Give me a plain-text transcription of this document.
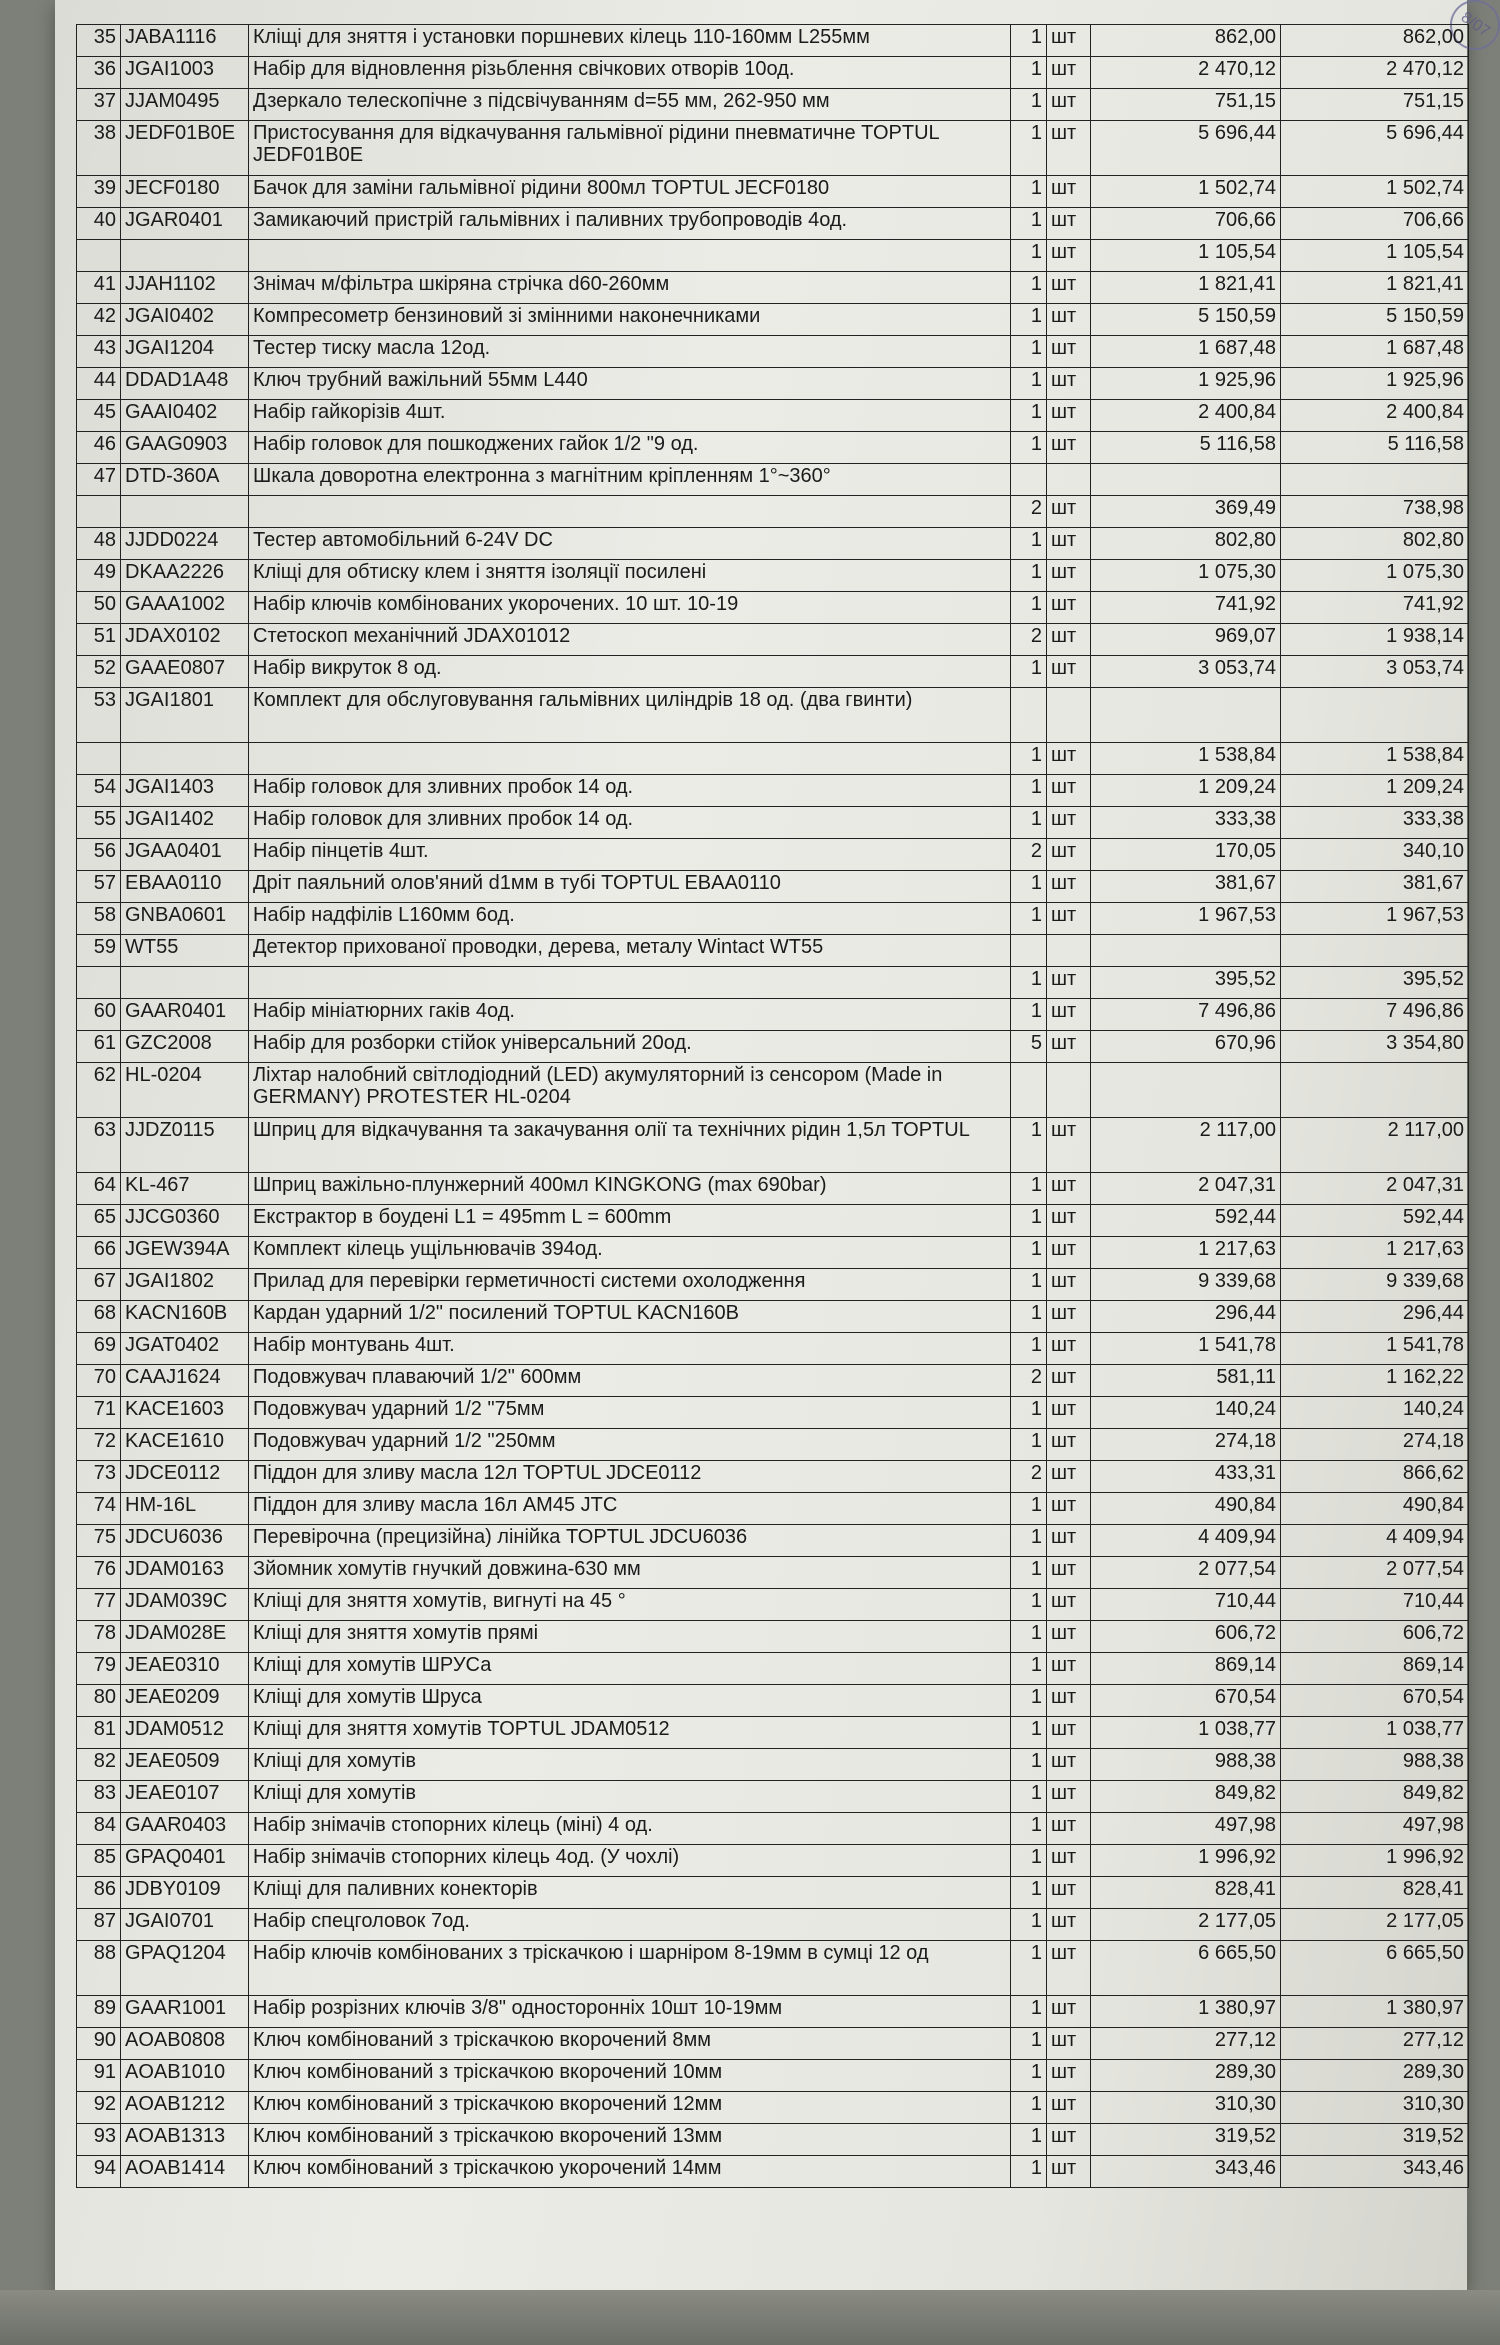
8/07
35	JABA1116	Кліщі для зняття і установки поршневих кілець 110-160мм L255мм	1	шт	862,00	862,00
36	JGAI1003	Набір для відновлення різьблення свічкових отворів 10од.	1	шт	2 470,12	2 470,12
37	JJAM0495	Дзеркало телескопічне з підсвічуванням d=55 мм, 262-950 мм	1	шт	751,15	751,15
38	JEDF01B0E	Пристосування для відкачування гальмівної рідини пневматичне TOPTUL JEDF01B0E	1	шт	5 696,44	5 696,44
39	JECF0180	Бачок для заміни гальмівної рідини 800мл TOPTUL JECF0180	1	шт	1 502,74	1 502,74
40	JGAR0401	Замикаючий пристрій гальмівних і паливних трубопроводів 4од.	1	шт	706,66	706,66
			1	шт	1 105,54	1 105,54
41	JJAH1102	Знімач м/фільтра шкіряна стрічка d60-260мм	1	шт	1 821,41	1 821,41
42	JGAI0402	Компресометр бензиновий зі змінними наконечниками	1	шт	5 150,59	5 150,59
43	JGAI1204	Тестер тиску масла 12од.	1	шт	1 687,48	1 687,48
44	DDAD1A48	Ключ трубний важільний 55мм L440	1	шт	1 925,96	1 925,96
45	GAAI0402	Набір гайкорізів 4шт.	1	шт	2 400,84	2 400,84
46	GAAG0903	Набір головок для пошкоджених гайок 1/2 "9 од.	1	шт	5 116,58	5 116,58
47	DTD-360A	Шкала доворотна електронна з магнітним кріпленням 1°~360°				
			2	шт	369,49	738,98
48	JJDD0224	Тестер автомобільний 6-24V DC	1	шт	802,80	802,80
49	DKAA2226	Кліщі для обтиску клем і зняття ізоляції посилені	1	шт	1 075,30	1 075,30
50	GAAA1002	Набір ключів комбінованих укорочених. 10 шт. 10-19	1	шт	741,92	741,92
51	JDAX0102	Стетоскоп механічний JDAX01012	2	шт	969,07	1 938,14
52	GAAE0807	Набір викруток 8 од.	1	шт	3 053,74	3 053,74
53	JGAI1801	Комплект для обслуговування гальмівних циліндрів 18 од. (два гвинти)				
			1	шт	1 538,84	1 538,84
54	JGAI1403	Набір головок для зливних пробок 14 од.	1	шт	1 209,24	1 209,24
55	JGAI1402	Набір головок для зливних пробок 14 од.	1	шт	333,38	333,38
56	JGAA0401	Набір пінцетів 4шт.	2	шт	170,05	340,10
57	EBAA0110	Дріт паяльний олов'яний d1мм в тубі TOPTUL EBAA0110	1	шт	381,67	381,67
58	GNBA0601	Набір надфілів L160мм 6од.	1	шт	1 967,53	1 967,53
59	WT55	Детектор прихованої проводки, дерева, металу Wintact WT55				
			1	шт	395,52	395,52
60	GAAR0401	Набір мініатюрних гаків 4од.	1	шт	7 496,86	7 496,86
61	GZC2008	Набір для розборки стійок універсальний 20од.	5	шт	670,96	3 354,80
62	HL-0204	Ліхтар налобний світлодіодний (LED) акумуляторний із сенсором (Made in GERMANY) PROTESTER HL-0204				
63	JJDZ0115	Шприц для відкачування та закачування олії та технічних рідин 1,5л TOPTUL	1	шт	2 117,00	2 117,00
64	KL-467	Шприц важільно-плунжерний 400мл KINGKONG (max 690bar)	1	шт	2 047,31	2 047,31
65	JJCG0360	Екстрактор в боудені L1 = 495mm L = 600mm	1	шт	592,44	592,44
66	JGEW394A	Комплект кілець ущільнювачів 394од.	1	шт	1 217,63	1 217,63
67	JGAI1802	Прилад для перевірки герметичності системи охолодження	1	шт	9 339,68	9 339,68
68	KACN160B	Кардан ударний 1/2" посилений TOPTUL KACN160B	1	шт	296,44	296,44
69	JGAT0402	Набір монтувань 4шт.	1	шт	1 541,78	1 541,78
70	CAAJ1624	Подовжувач плаваючий 1/2" 600мм	2	шт	581,11	1 162,22
71	KACE1603	Подовжувач ударний 1/2 "75мм	1	шт	140,24	140,24
72	KACE1610	Подовжувач ударний 1/2 "250мм	1	шт	274,18	274,18
73	JDCE0112	Піддон для зливу масла 12л TOPTUL JDCE0112	2	шт	433,31	866,62
74	HM-16L	Піддон для зливу масла 16л AM45 JTC	1	шт	490,84	490,84
75	JDCU6036	Перевірочна (прецизійна) лінійка TOPTUL JDCU6036	1	шт	4 409,94	4 409,94
76	JDAM0163	Зйомник хомутів гнучкий довжина-630 мм	1	шт	2 077,54	2 077,54
77	JDAM039C	Кліщі для зняття хомутів, вигнуті на 45 °	1	шт	710,44	710,44
78	JDAM028E	Кліщі для зняття хомутів прямі	1	шт	606,72	606,72
79	JEAE0310	Кліщі для хомутів ШРУСа	1	шт	869,14	869,14
80	JEAE0209	Кліщі для хомутів Шруса	1	шт	670,54	670,54
81	JDAM0512	Кліщі для зняття хомутів TOPTUL JDAM0512	1	шт	1 038,77	1 038,77
82	JEAE0509	Кліщі для хомутів	1	шт	988,38	988,38
83	JEAE0107	Кліщі для хомутів	1	шт	849,82	849,82
84	GAAR0403	Набір знімачів стопорних кілець (міні) 4 од.	1	шт	497,98	497,98
85	GPAQ0401	Набір знімачів стопорних кілець 4од. (У чохлі)	1	шт	1 996,92	1 996,92
86	JDBY0109	Кліщі для паливних конекторів	1	шт	828,41	828,41
87	JGAI0701	Набір спецголовок 7од.	1	шт	2 177,05	2 177,05
88	GPAQ1204	Набір ключів комбінованих з тріскачкою і шарніром 8-19мм в сумці 12 од	1	шт	6 665,50	6 665,50
89	GAAR1001	Набір розрізних ключів 3/8" односторонніх 10шт 10-19мм	1	шт	1 380,97	1 380,97
90	AOAB0808	Ключ комбінований з тріскачкою вкорочений 8мм	1	шт	277,12	277,12
91	AOAB1010	Ключ комбінований з тріскачкою вкорочений 10мм	1	шт	289,30	289,30
92	AOAB1212	Ключ комбінований з тріскачкою вкорочений 12мм	1	шт	310,30	310,30
93	AOAB1313	Ключ комбінований з тріскачкою вкорочений 13мм	1	шт	319,52	319,52
94	AOAB1414	Ключ комбінований з тріскачкою укорочений 14мм	1	шт	343,46	343,46
